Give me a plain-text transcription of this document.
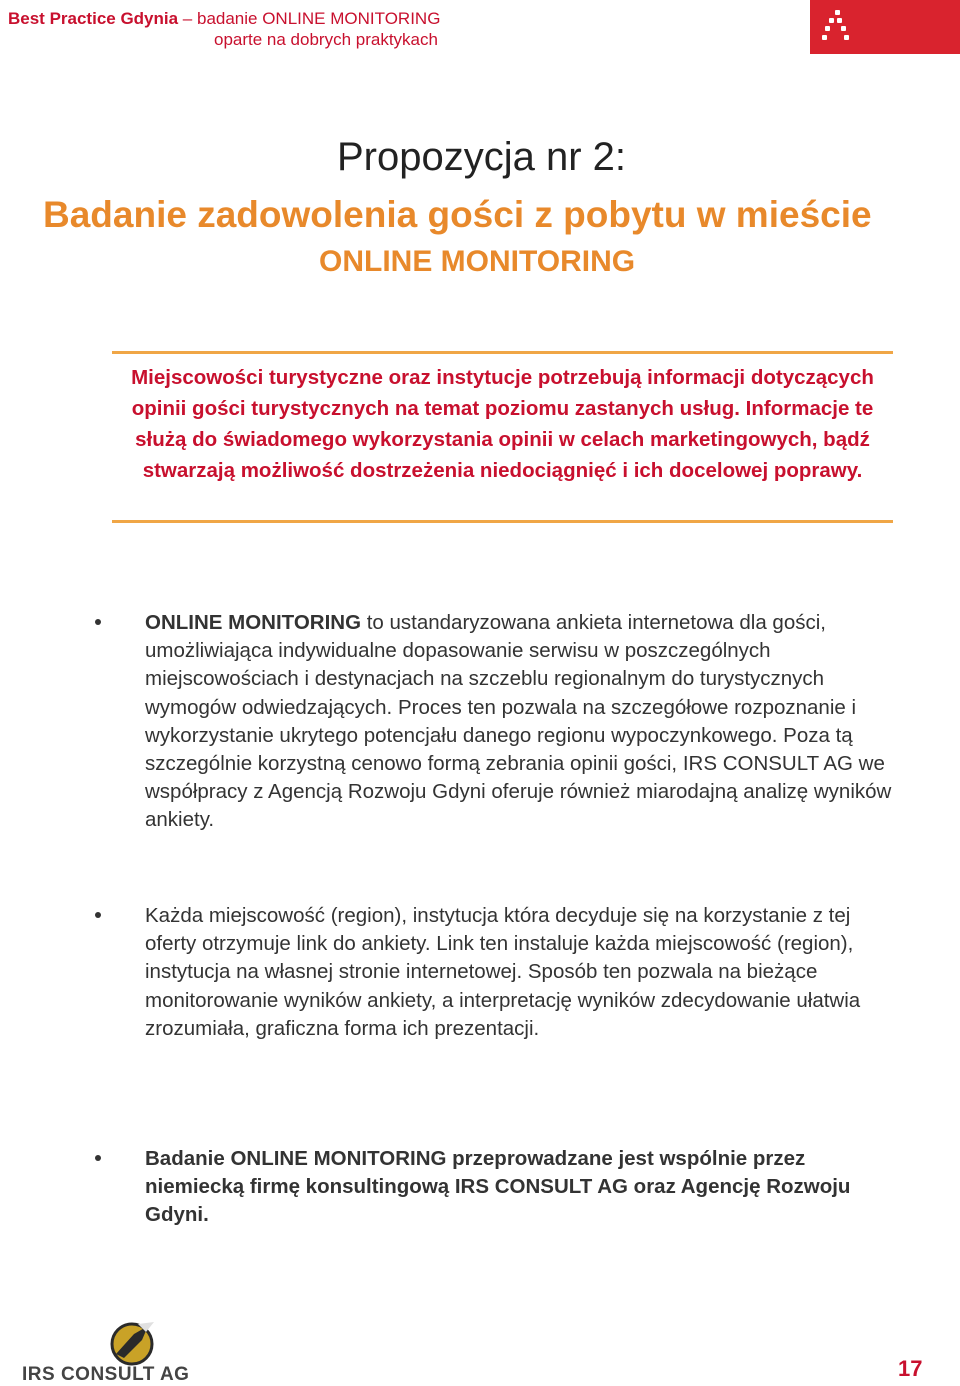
Best Practice Gdynia – badanie ONLINE MONITORING
oparte na dobrych praktykach
Propozycja nr 2:
Badanie zadowolenia gości z pobytu w mieście
ONLINE MONITORING
Miejscowości turystyczne oraz instytucje potrzebują informacji dotyczących opinii gości turystycznych na temat poziomu zastanych usług. Informacje te służą do świadomego wykorzystania opinii w celach marketingowych, bądź stwarzają możliwość dostrzeżenia niedociągnięć i ich docelowej poprawy.
ONLINE MONITORING to ustandaryzowana ankieta internetowa dla gości, umożliwiająca indywidualne dopasowanie serwisu w poszczególnych miejscowościach i destynacjach na szczeblu regionalnym do turystycznych wymogów odwiedzających. Proces ten pozwala na szczegółowe rozpoznanie i wykorzystanie ukrytego potencjału danego regionu wypoczynkowego. Poza tą szczególnie korzystną cenowo formą zebrania opinii gości, IRS CONSULT AG we współpracy z Agencją Rozwoju Gdyni oferuje również miarodajną analizę wyników ankiety.
Każda miejscowość (region), instytucja która decyduje się na korzystanie z tej oferty otrzymuje link do ankiety. Link ten instaluje każda miejscowość (region), instytucja na własnej stronie internetowej. Sposób ten pozwala na bieżące monitorowanie wyników ankiety, a interpretację wyników zdecydowanie ułatwia zrozumiała, graficzna forma ich prezentacji.
Badanie ONLINE MONITORING przeprowadzane jest wspólnie przez niemiecką firmę konsultingową IRS CONSULT AG oraz Agencję Rozwoju Gdyni.
IRS CONSULT AG	17
